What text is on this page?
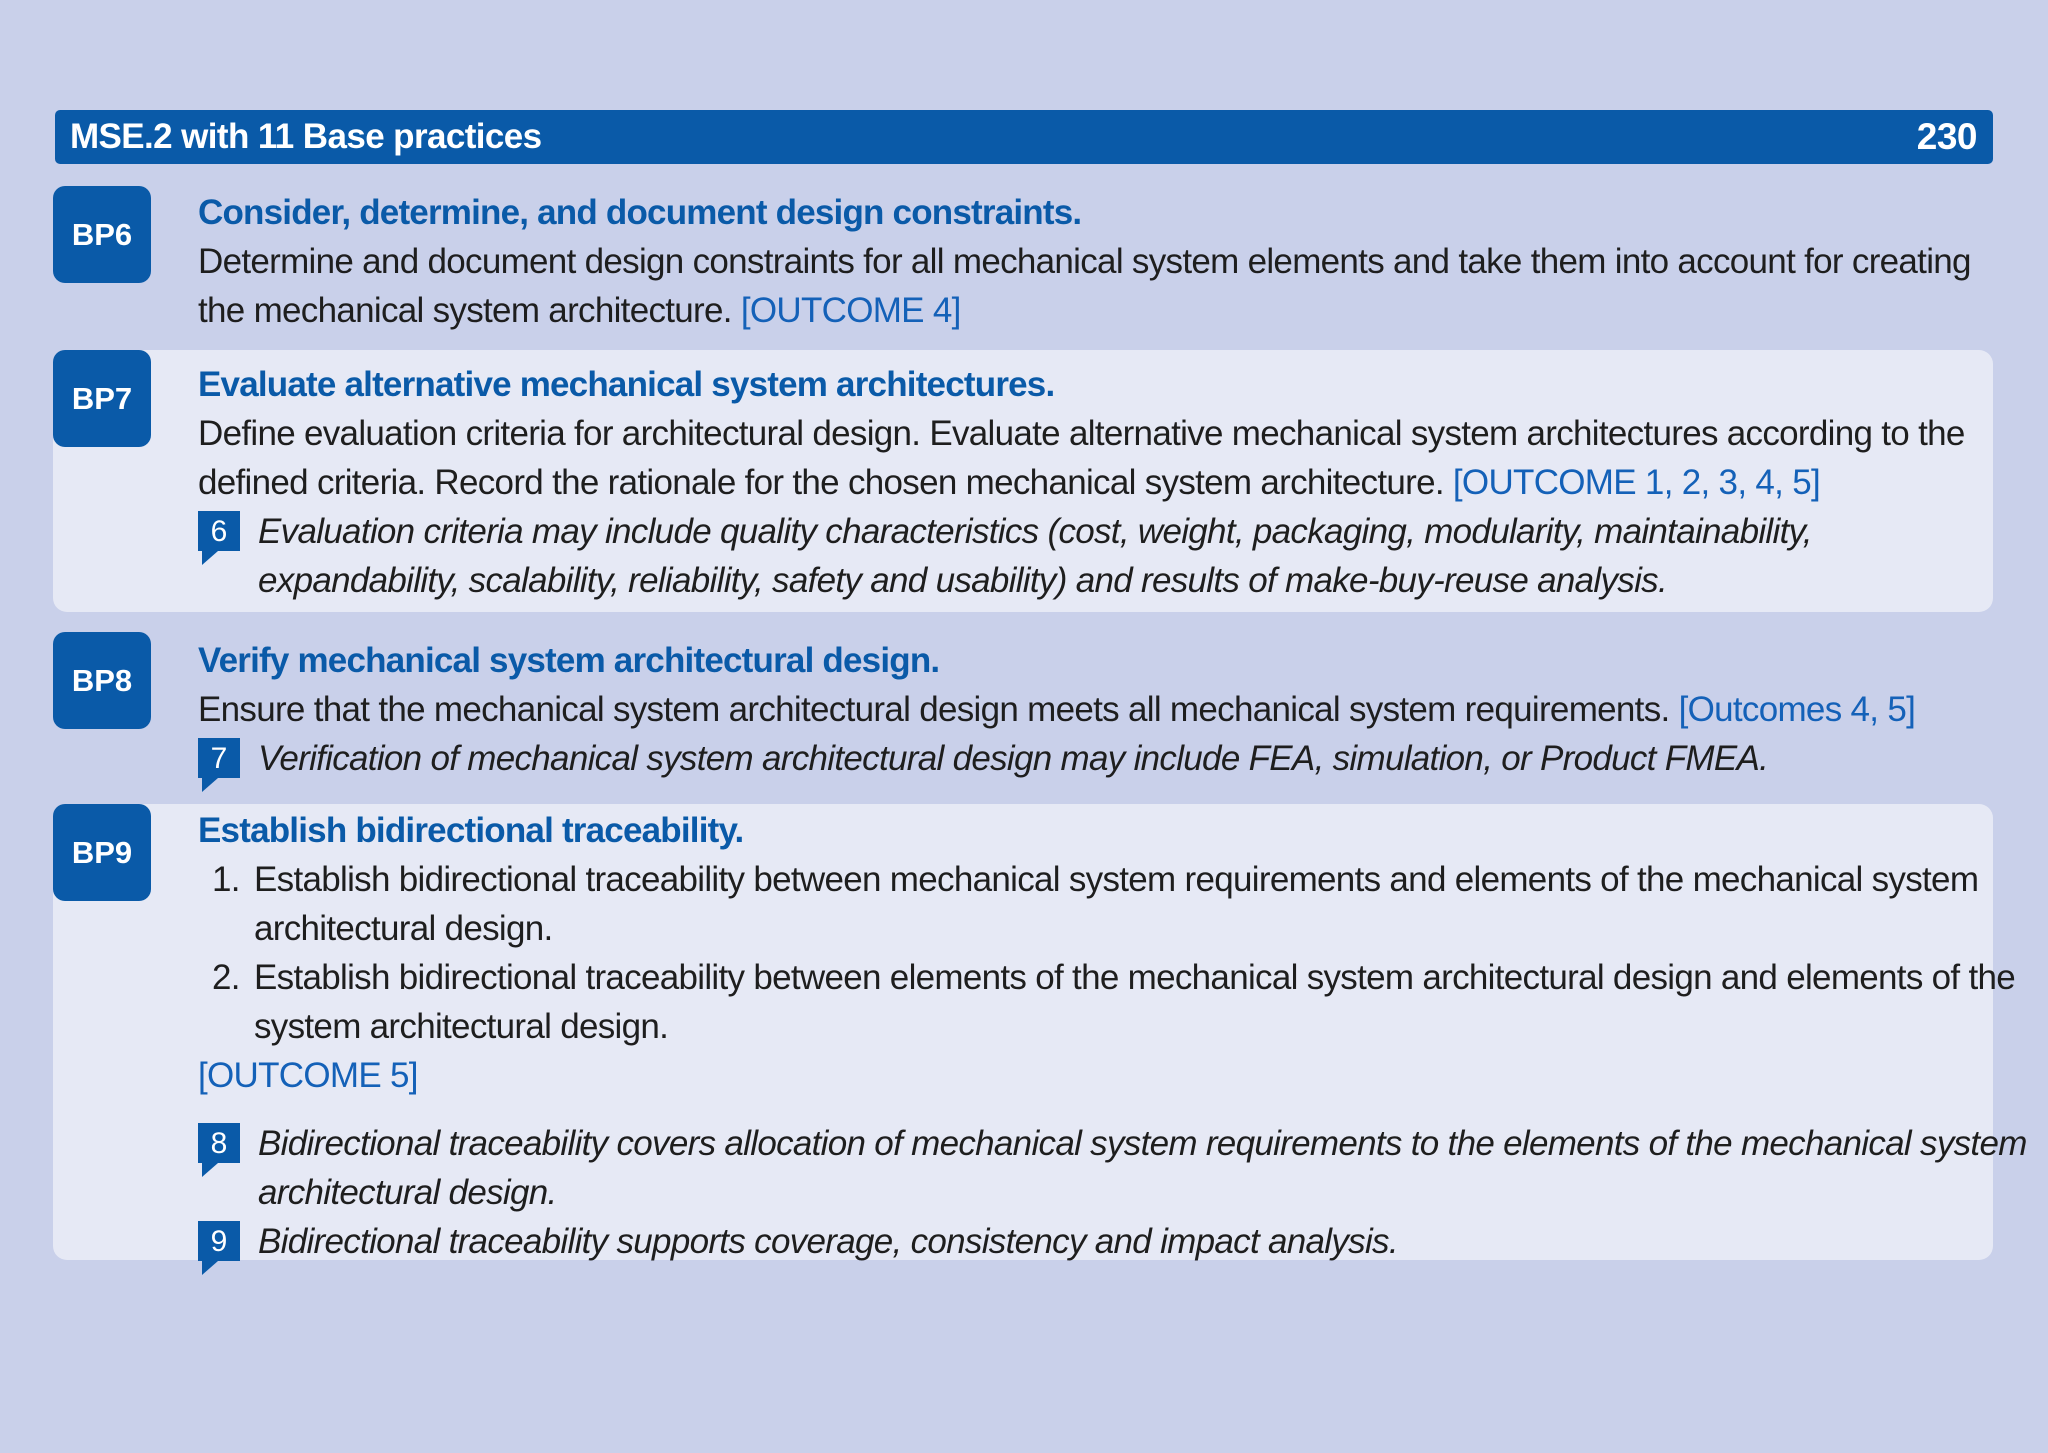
MSE.2 with 11 Base practices	230
BP6
Consider, determine, and document design constraints.
Determine and document design constraints for all mechanical system elements and take them into account for creating
the mechanical system architecture. [OUTCOME 4]
BP7	Evaluate alternative mechanical system architectures.
Define evaluation criteria for architectural design. Evaluate alternative mechanical system architectures according to the
defined criteria. Record the rationale for the chosen mechanical system architecture. [OUTCOME 1, 2, 3, 4, 5]
6 Evaluation criteria may include quality characteristics (cost, weight, packaging, modularity, maintainability,
expandability, scalability, reliability, safety and usability) and results of make-buy-reuse analysis.
BP8	Verify mechanical system architectural design.
Ensure that the mechanical system architectural design meets all mechanical system requirements. [Outcomes 4, 5]
7 Verification of mechanical system architectural design may include FEA, simulation, or Product FMEA.
BP9
Establish bidirectional traceability.
1. Establish bidirectional traceability between mechanical system requirements and elements of the mechanical system
architectural design.
2. Establish bidirectional traceability between elements of the mechanical system architectural design and elements of the
system architectural design.
[OUTCOME 5]
8 Bidirectional traceability covers allocation of mechanical system requirements to the elements of the mechanical system
architectural design.
9 Bidirectional traceability supports coverage, consistency and impact analysis.
